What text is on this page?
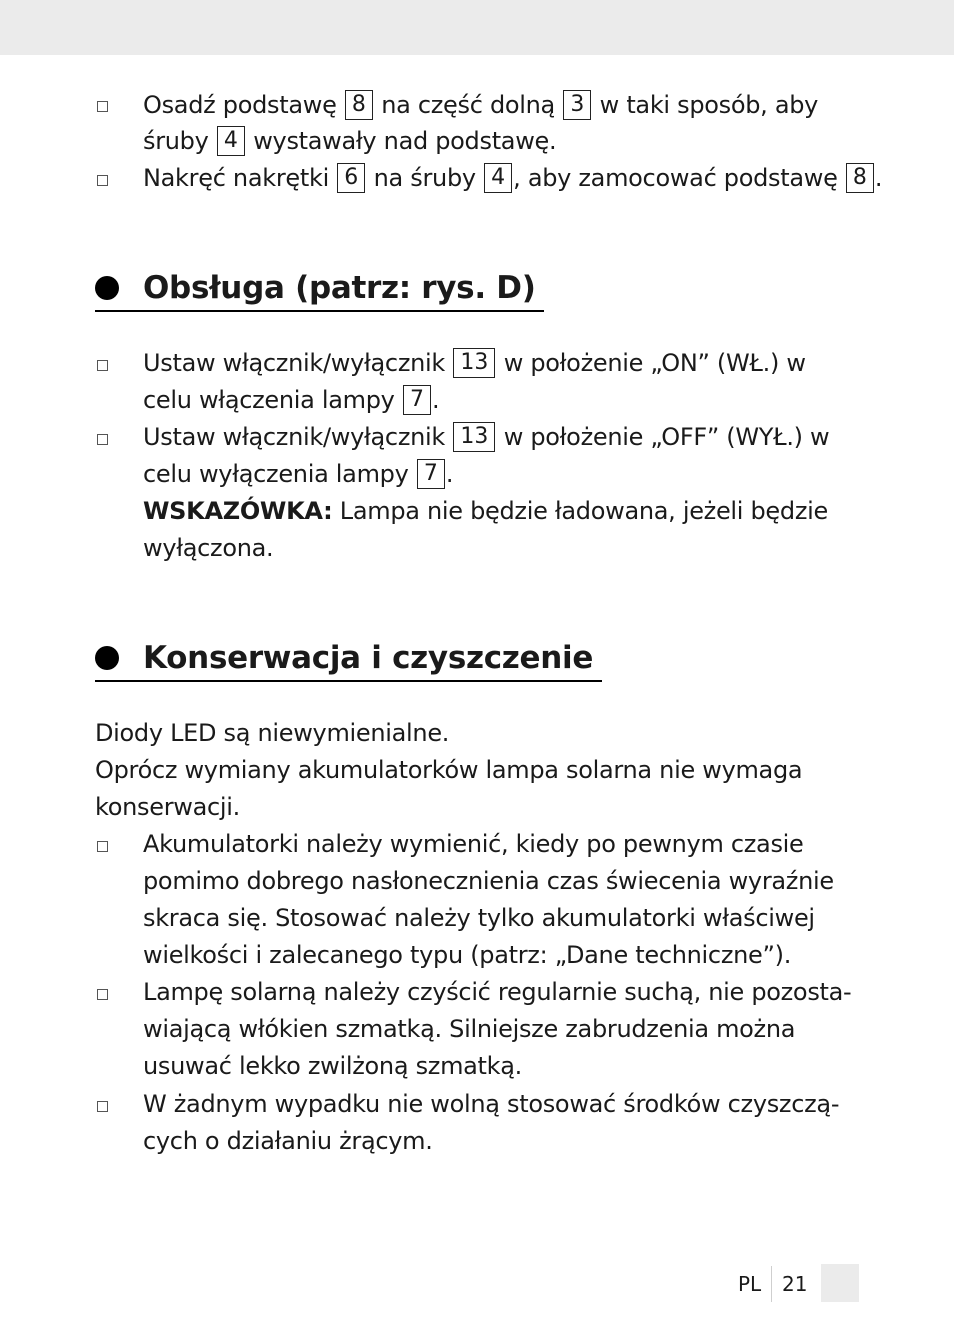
Osadź podstawę 8 na część dolną 3 w taki sposób, aby
śruby 4 wystawały nad podstawę.
Nakręć nakrętki 6 na śruby 4 , aby zamocować podstawę 8 .
Obsługa (patrz: rys. D)
Ustaw włącznik/wyłącznik 13 w położenie „ON” (WŁ.) w
celu włączenia lampy 7 .
Ustaw włącznik/wyłącznik 13 w położenie „OFF” (WYŁ.) w
celu wyłączenia lampy 7 .
WSKAZÓWKA: Lampa nie będzie ładowana, jeżeli będzie
wyłączona.
Konserwacja i czyszczenie
Diody LED są niewymienialne.
Oprócz wymiany akumulatorków lampa solarna nie wymaga
konserwacji.
Akumulatorki należy wymienić, kiedy po pewnym czasie
pomimo dobrego nasłonecznienia czas świecenia wyraźnie
skraca się. Stosować należy tylko akumulatorki właściwej
wielkości i zalecanego typu (patrz: „Dane techniczne”).
Lampę solarną należy czyścić regularnie suchą, nie pozosta-
wiającą włókien szmatką. Silniejsze zabrudzenia można
usuwać lekko zwilżoną szmatką.
W żadnym wypadku nie wolną stosować środków czyszczą-
cych o działaniu żrącym.
PL 21
